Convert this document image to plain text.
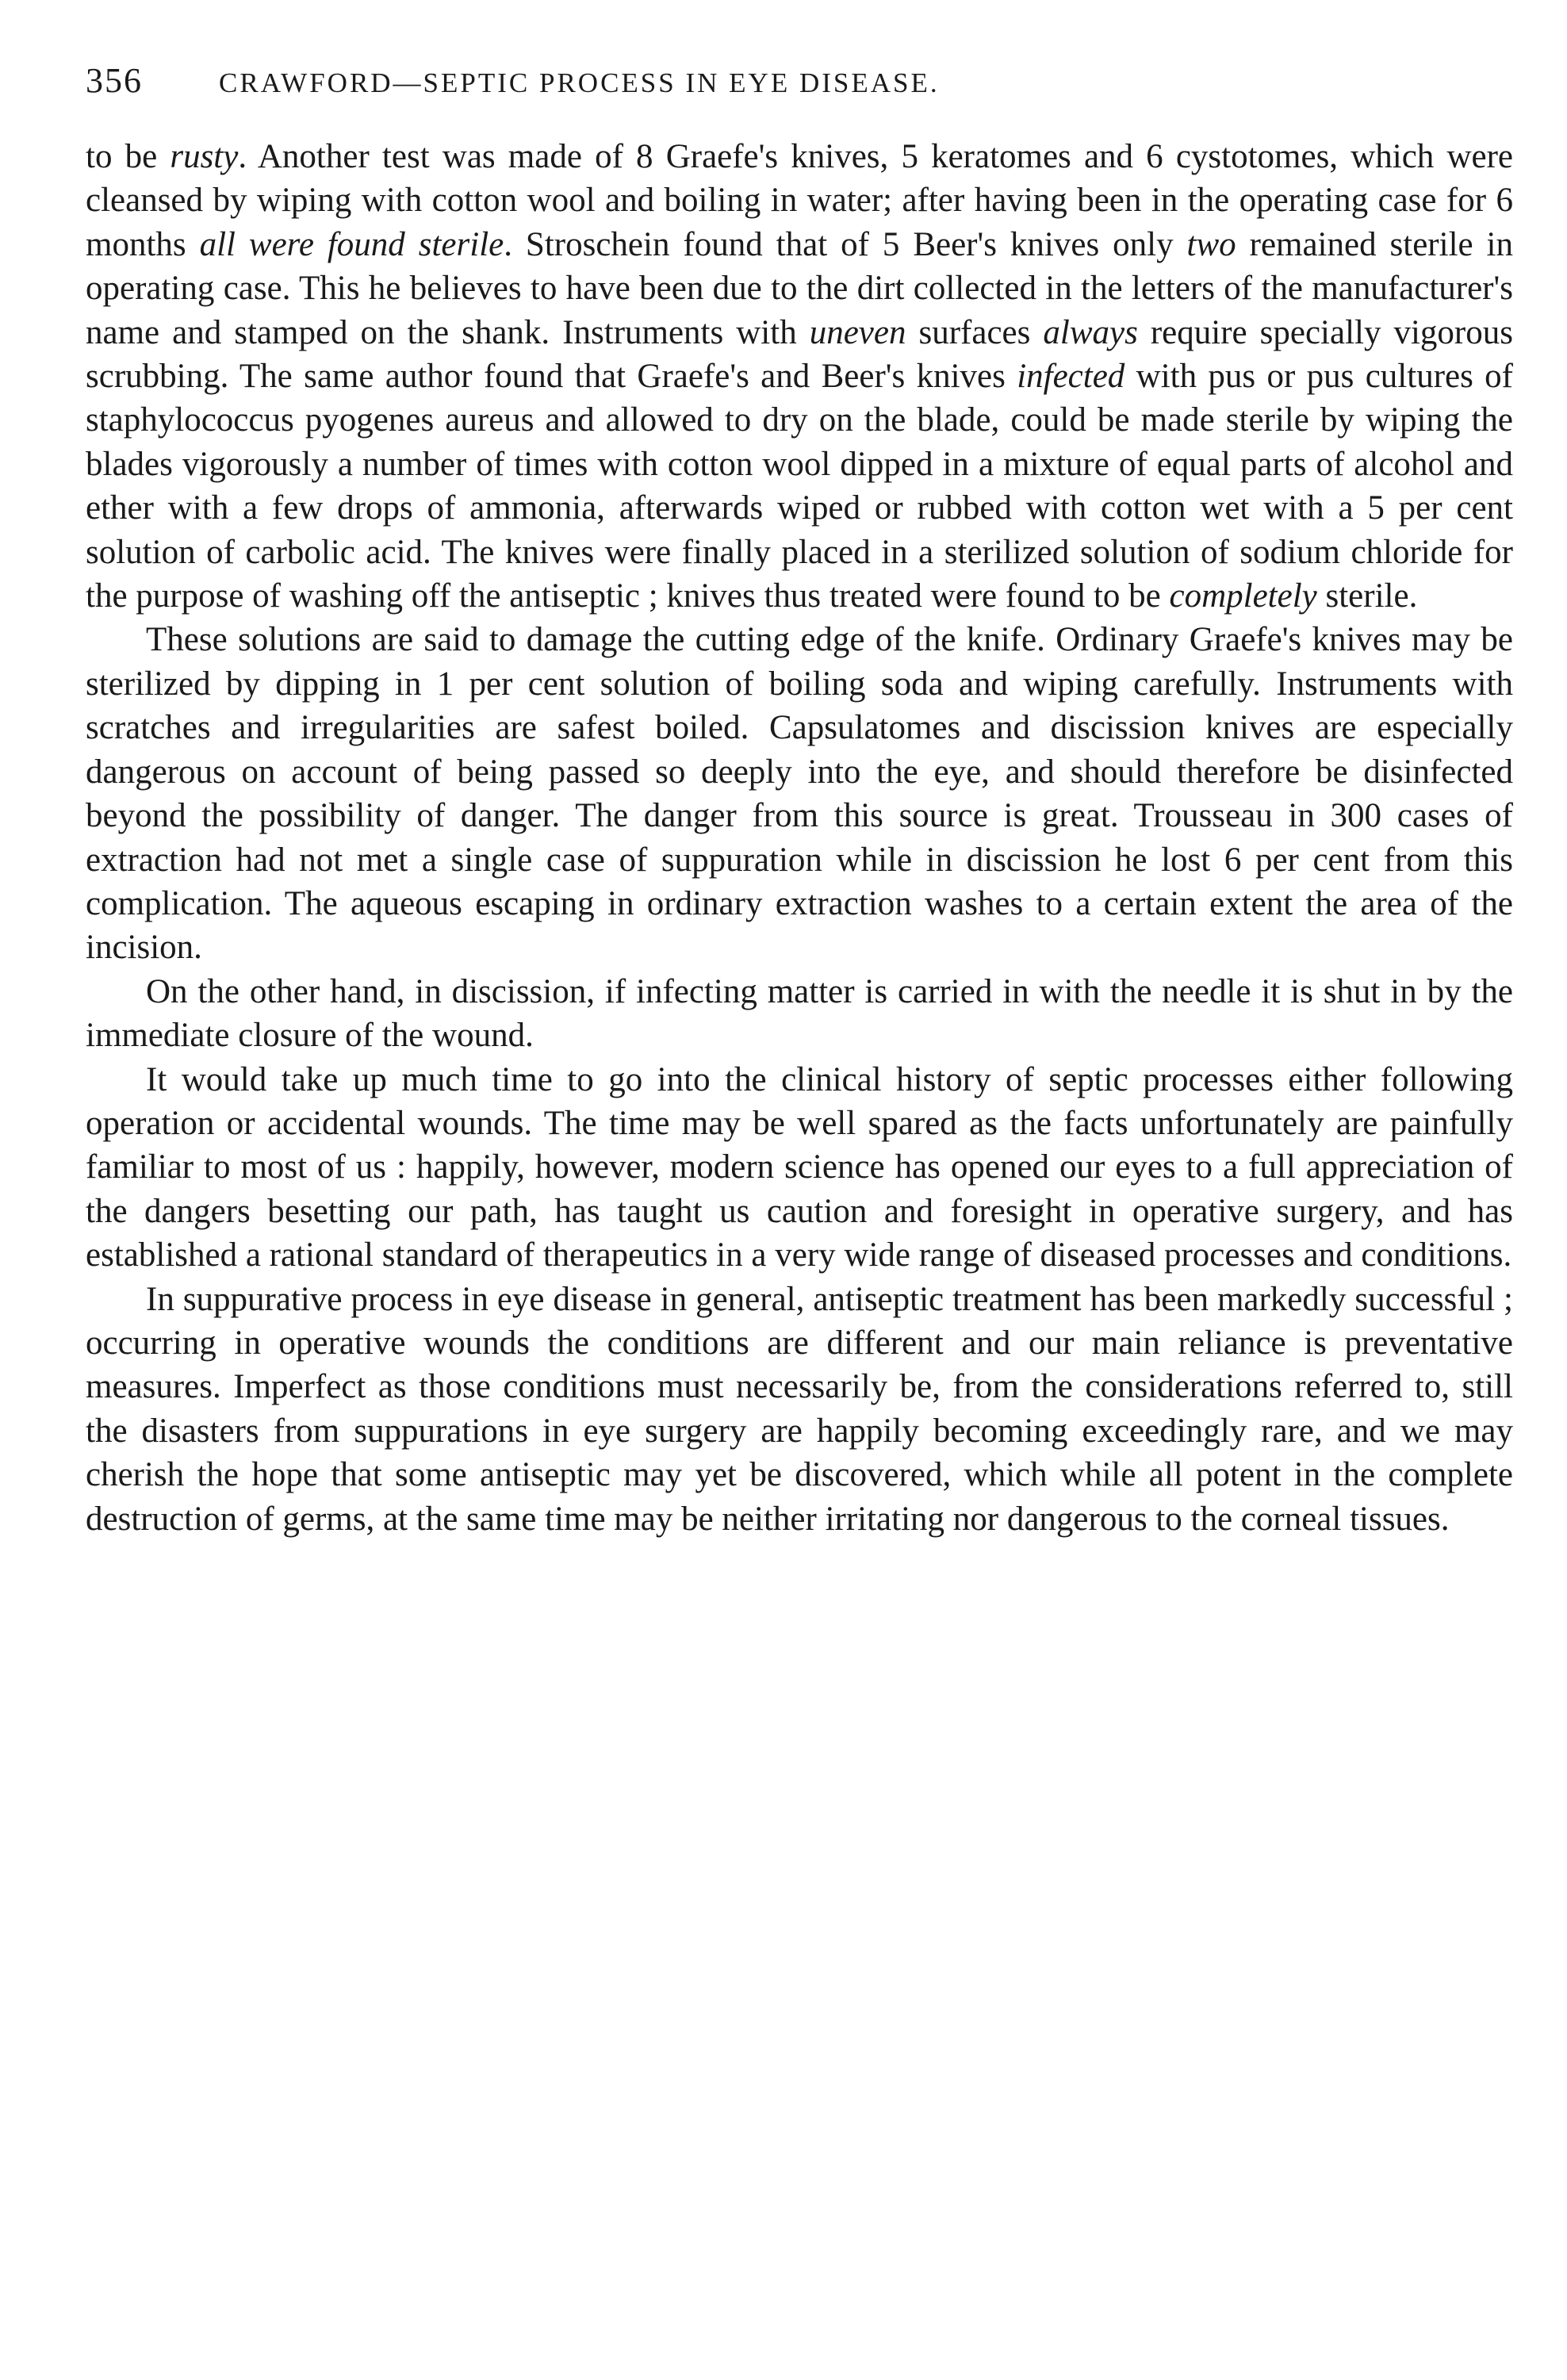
356	CRAWFORD—SEPTIC PROCESS IN EYE DISEASE.

to be rusty. Another test was made of 8 Graefe's knives, 5 keratomes and 6 cystotomes, which were cleansed by wiping with cotton wool and boiling in water; after having been in the operating case for 6 months all were found sterile. Stroschein found that of 5 Beer's knives only two remained sterile in operating case. This he believes to have been due to the dirt collected in the letters of the manufacturer's name and stamped on the shank. Instruments with uneven surfaces always require specially vigorous scrubbing. The same author found that Graefe's and Beer's knives infected with pus or pus cultures of staphylococcus pyogenes aureus and allowed to dry on the blade, could be made sterile by wiping the blades vigorously a number of times with cotton wool dipped in a mixture of equal parts of alcohol and ether with a few drops of ammonia, afterwards wiped or rubbed with cotton wet with a 5 per cent solution of carbolic acid. The knives were finally placed in a sterilized solution of sodium chloride for the purpose of washing off the antiseptic ; knives thus treated were found to be completely sterile.

These solutions are said to damage the cutting edge of the knife. Ordinary Graefe's knives may be sterilized by dipping in 1 per cent solution of boiling soda and wiping carefully. Instruments with scratches and irregularities are safest boiled. Capsulatomes and discission knives are especially dangerous on account of being passed so deeply into the eye, and should therefore be disinfected beyond the possibility of danger. The danger from this source is great. Trousseau in 300 cases of extraction had not met a single case of suppuration while in discission he lost 6 per cent from this complication. The aqueous escaping in ordinary extraction washes to a certain extent the area of the incision.

On the other hand, in discission, if infecting matter is carried in with the needle it is shut in by the immediate closure of the wound.

It would take up much time to go into the clinical history of septic processes either following operation or accidental wounds. The time may be well spared as the facts unfortunately are painfully familiar to most of us : happily, however, modern science has opened our eyes to a full appreciation of the dangers besetting our path, has taught us caution and foresight in operative surgery, and has established a rational standard of therapeutics in a very wide range of diseased processes and conditions.

In suppurative process in eye disease in general, antiseptic treatment has been markedly successful ; occurring in operative wounds the conditions are different and our main reliance is preventative measures. Imperfect as those conditions must necessarily be, from the considerations referred to, still the disasters from suppurations in eye surgery are happily becoming exceedingly rare, and we may cherish the hope that some antiseptic may yet be discovered, which while all potent in the complete destruction of germs, at the same time may be neither irritating nor dangerous to the corneal tissues.
